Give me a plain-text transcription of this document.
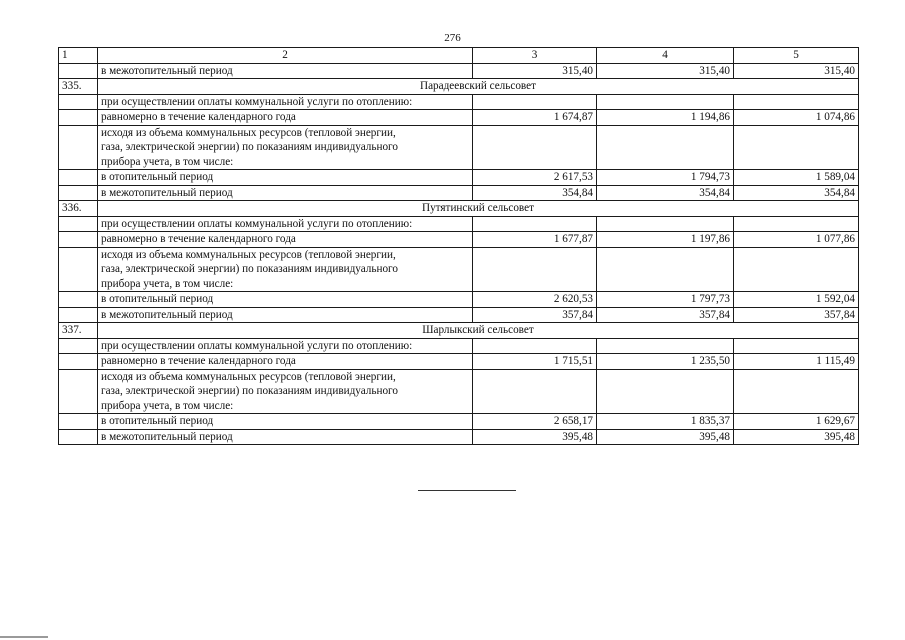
276
1	2	3	4	5
	в межотопительный период	315,40	315,40	315,40
335.	Парадеевский сельсовет			
	при осуществлении оплаты коммунальной услуги по отоплению:			
	равномерно в течение календарного года	1 674,87	1 194,86	1 074,86
	исходя из объема коммунальных ресурсов (тепловой энергии,
газа, электрической энергии) по показаниям индивидуального
прибора учета, в том числе:			
	в отопительный период	2 617,53	1 794,73	1 589,04
	в межотопительный период	354,84	354,84	354,84
336.	Путятинский сельсовет			
	при осуществлении оплаты коммунальной услуги по отоплению:			
	равномерно в течение календарного года	1 677,87	1 197,86	1 077,86
	исходя из объема коммунальных ресурсов (тепловой энергии,
газа, электрической энергии) по показаниям индивидуального
прибора учета, в том числе:			
	в отопительный период	2 620,53	1 797,73	1 592,04
	в межотопительный период	357,84	357,84	357,84
337.	Шарлыкский сельсовет			
	при осуществлении оплаты коммунальной услуги по отоплению:			
	равномерно в течение календарного года	1 715,51	1 235,50	1 115,49
	исходя из объема коммунальных ресурсов (тепловой энергии,
газа, электрической энергии) по показаниям индивидуального
прибора учета, в том числе:			
	в отопительный период	2 658,17	1 835,37	1 629,67
	в межотопительный период	395,48	395,48	395,48
